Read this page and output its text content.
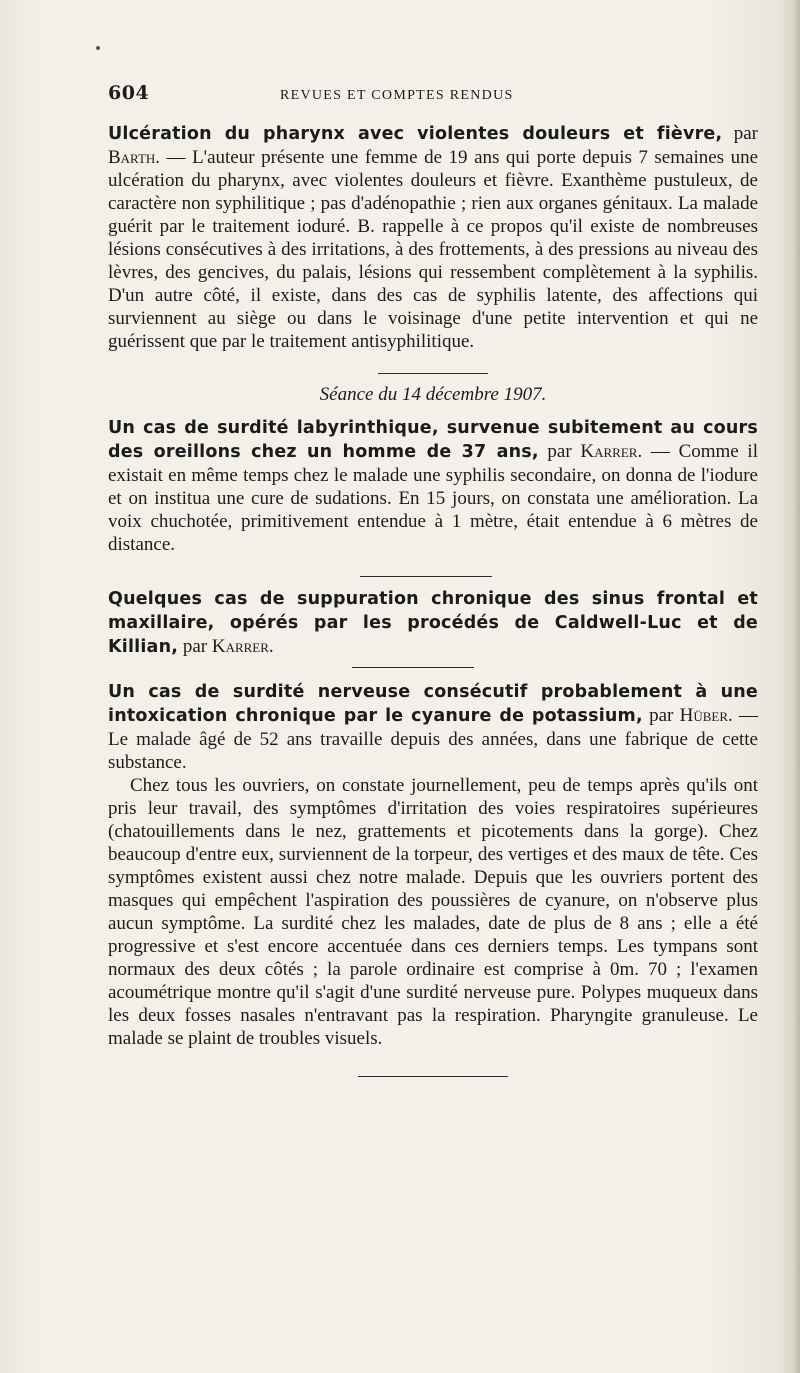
604	REVUES ET COMPTES RENDUS

Ulcération du pharynx avec violentes douleurs et fièvre, par Barth. — L'auteur présente une femme de 19 ans qui porte depuis 7 semaines une ulcération du pharynx, avec violentes douleurs et fièvre. Exanthème pustuleux, de caractère non syphilitique ; pas d'adénopathie ; rien aux organes génitaux. La malade guérit par le traitement ioduré. B. rappelle à ce propos qu'il existe de nombreuses lésions consécutives à des irritations, à des frottements, à des pressions au niveau des lèvres, des gencives, du palais, lésions qui ressembent complètement à la syphilis. D'un autre côté, il existe, dans des cas de syphilis latente, des affections qui surviennent au siège ou dans le voisinage d'une petite intervention et qui ne guérissent que par le traitement antisyphilitique.

Séance du 14 décembre 1907.

Un cas de surdité labyrinthique, survenue subitement au cours des oreillons chez un homme de 37 ans, par Karrer. — Comme il existait en même temps chez le malade une syphilis secondaire, on donna de l'iodure et on institua une cure de sudations. En 15 jours, on constata une amélioration. La voix chuchotée, primitivement entendue à 1 mètre, était entendue à 6 mètres de distance.

Quelques cas de suppuration chronique des sinus frontal et maxillaire, opérés par les procédés de Caldwell-Luc et de Killian, par Karrer.

Un cas de surdité nerveuse consécutif probablement à une intoxication chronique par le cyanure de potassium, par Hüber. — Le malade âgé de 52 ans travaille depuis des années, dans une fabrique de cette substance.

Chez tous les ouvriers, on constate journellement, peu de temps après qu'ils ont pris leur travail, des symptômes d'irritation des voies respiratoires supérieures (chatouillements dans le nez, grattements et picotements dans la gorge). Chez beaucoup d'entre eux, surviennent de la torpeur, des vertiges et des maux de tête. Ces symptômes existent aussi chez notre malade. Depuis que les ouvriers portent des masques qui empêchent l'aspiration des poussières de cyanure, on n'observe plus aucun symptôme. La surdité chez les malades, date de plus de 8 ans ; elle a été progressive et s'est encore accentuée dans ces derniers temps. Les tympans sont normaux des deux côtés ; la parole ordinaire est comprise à 0m. 70 ; l'examen acoumétrique montre qu'il s'agit d'une surdité nerveuse pure. Polypes muqueux dans les deux fosses nasales n'entravant pas la respiration. Pharyngite granuleuse. Le malade se plaint de troubles visuels.
